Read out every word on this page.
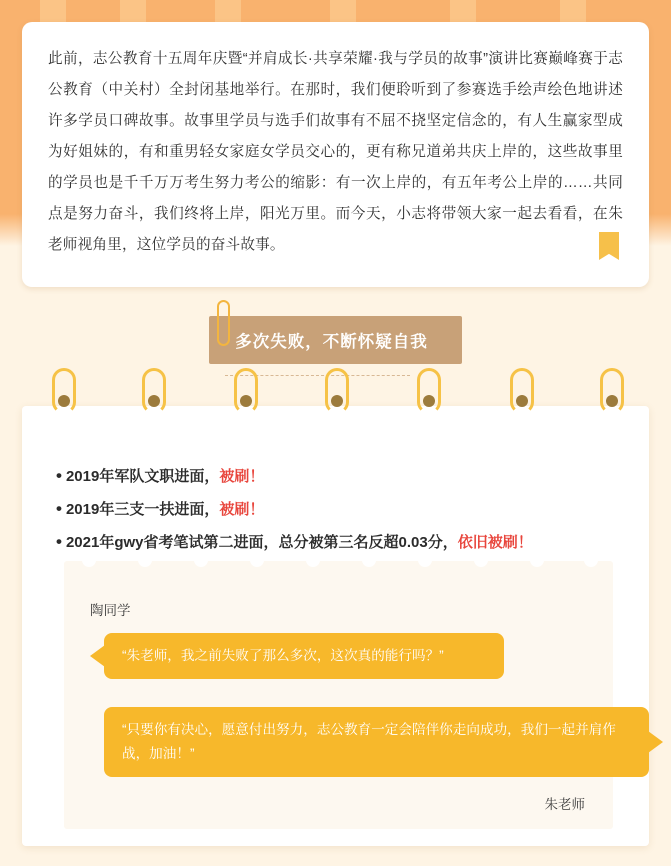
此前，志公教育十五周年庆暨“并肩成长·共享荣耀·我与学员的故事”演讲比赛巅峰赛于志公教育（中关村）全封闭基地举行。在那时，我们便聆听到了参赛选手绘声绘色地讲述许多学员口碑故事。故事里学员与选手们故事有不屈不挠坚定信念的，有人生赢家型成为好姐妹的，有和重男轻女家庭女学员交心的，更有称兄道弟共庆上岸的，这些故事里的学员也是千千万万考生努力考公的缩影：有一次上岸的，有五年考公上岸的……共同点是努力奋斗，我们终将上岸，阳光万里。而今天，小志将带领大家一起去看看，在朱老师视角里，这位学员的奋斗故事。
多次失败，不断怀疑自我
• 2019年军队文职进面， 被刷！
• 2019年三支一扶进面， 被刷！
• 2021年gwy省考笔试第二进面，总分被第三名反超0.03分， 依旧被刷！
陶同学
“朱老师，我之前失败了那么多次，这次真的能行吗？”
“只要你有决心，愿意付出努力，志公教育一定会陪伴你走向成功，我们一起并肩作战，加油！”
朱老师
